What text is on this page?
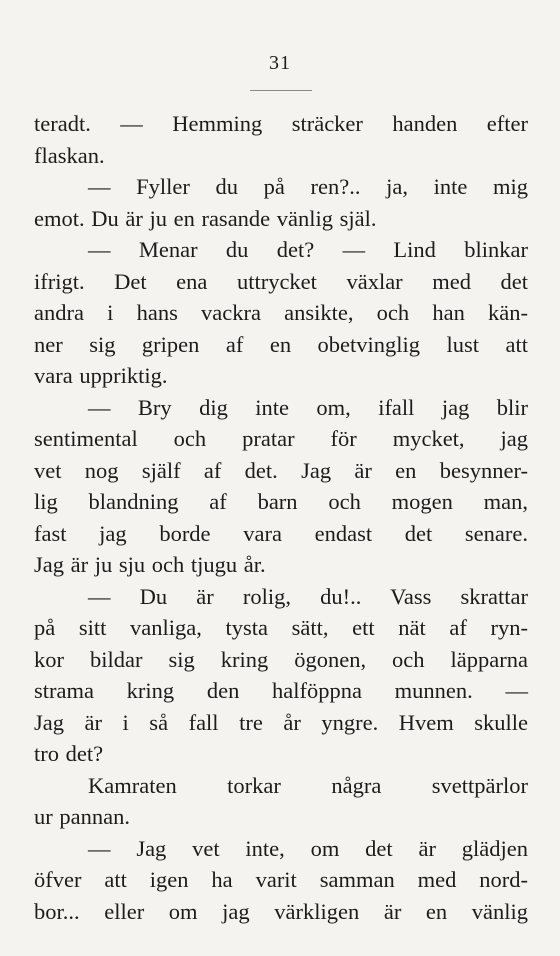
31
teradt. — Hemming sträcker handen efter
flaskan.
— Fyller du på ren?.. ja, inte mig
emot. Du är ju en rasande vänlig själ.
— Menar du det? — Lind blinkar
ifrigt. Det ena uttrycket växlar med det
andra i hans vackra ansikte, och han kän-
ner sig gripen af en obetvinglig lust att
vara uppriktig.
— Bry dig inte om, ifall jag blir
sentimental och pratar för mycket, jag
vet nog själf af det. Jag är en besynner-
lig blandning af barn och mogen man,
fast jag borde vara endast det senare.
Jag är ju sju och tjugu år.
— Du är rolig, du!.. Vass skrattar
på sitt vanliga, tysta sätt, ett nät af ryn-
kor bildar sig kring ögonen, och läpparna
strama kring den halföppna munnen. —
Jag är i så fall tre år yngre. Hvem skulle
tro det?
Kamraten torkar några svettpärlor
ur pannan.
— Jag vet inte, om det är glädjen
öfver att igen ha varit samman med nord-
bor... eller om jag värkligen är en vänlig
